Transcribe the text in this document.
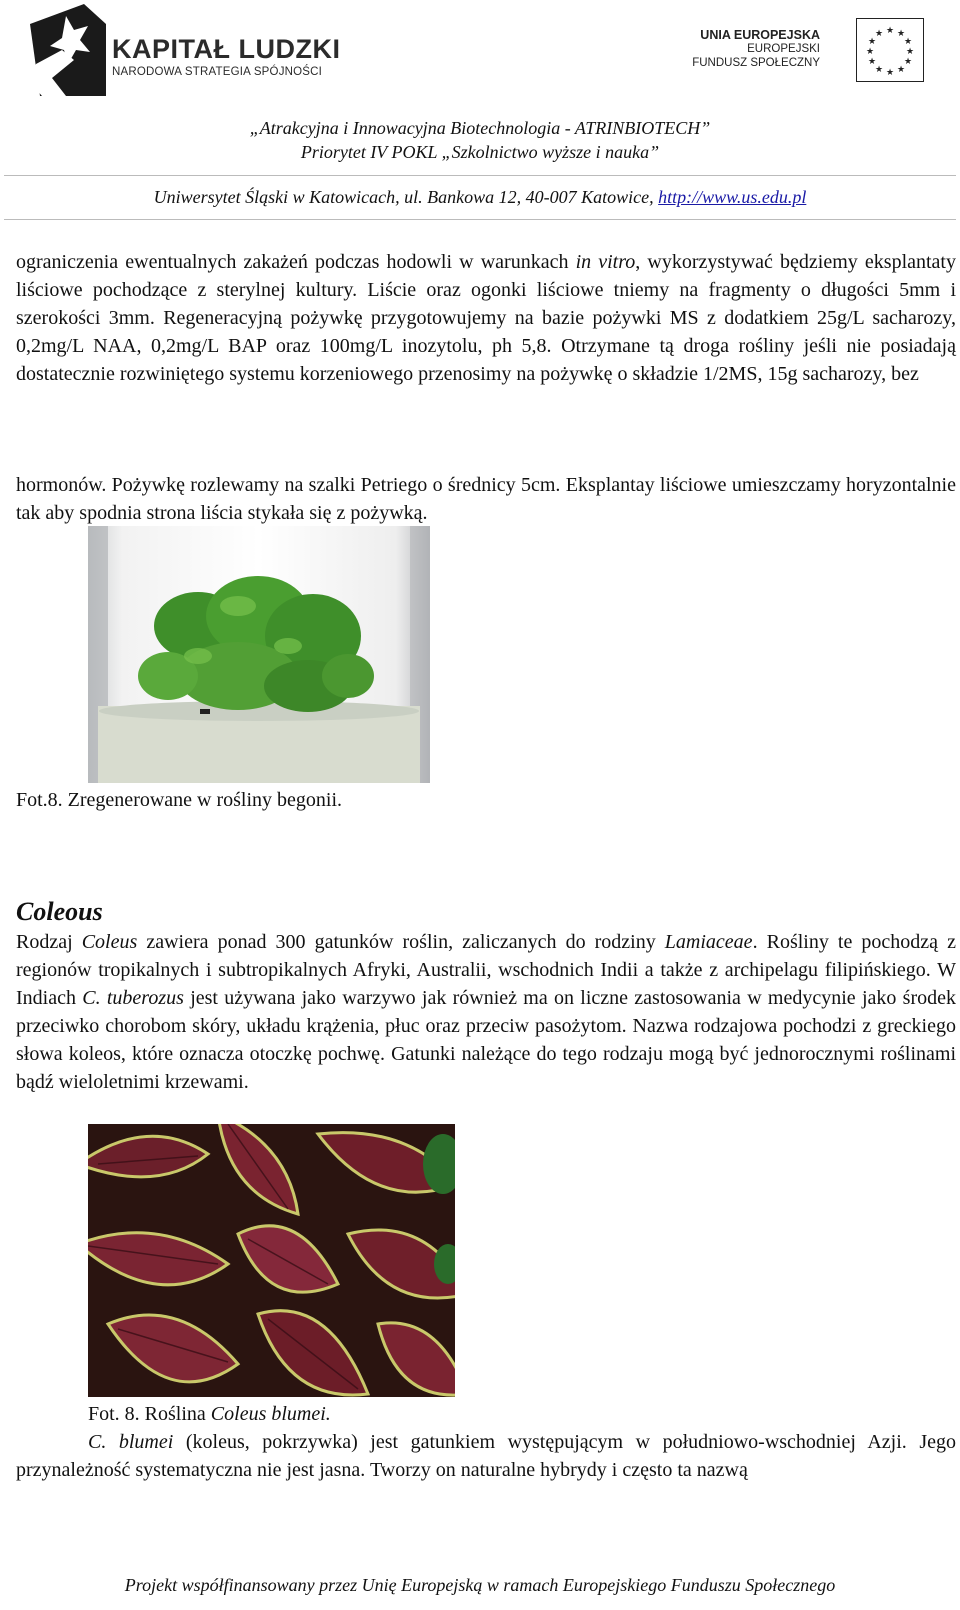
KAPITAŁ LUDZKI
NARODOWA STRATEGIA SPÓJNOŚCI
UNIA EUROPEJSKA
EUROPEJSKI
FUNDUSZ SPOŁECZNY
★ ★
★
★
★
★
★
★
★
★
★
★
„Atrakcyjna i Innowacyjna Biotechnologia - ATRINBIOTECH”
Priorytet IV POKL „Szkolnictwo wyższe i nauka”
Uniwersytet Śląski w Katowicach, ul. Bankowa 12, 40-007 Katowice, http://www.us.edu.pl
ograniczenia ewentualnych zakażeń podczas hodowli w warunkach in vitro, wykorzystywać będziemy eksplantaty liściowe pochodzące z sterylnej kultury. Liście oraz ogonki liściowe tniemy na fragmenty o długości 5mm i szerokości 3mm. Regeneracyjną pożywkę przygotowujemy na bazie pożywki MS z dodatkiem 25g/L sacharozy, 0,2mg/L NAA, 0,2mg/L BAP oraz 100mg/L inozytolu, ph 5,8. Otrzymane tą droga rośliny jeśli nie posiadają dostatecznie rozwiniętego systemu korzeniowego przenosimy na pożywkę o składzie 1/2MS, 15g sacharozy, bez
hormonów. Pożywkę rozlewamy na szalki Petriego o średnicy 5cm. Eksplantay liściowe umieszczamy horyzontalnie tak aby spodnia strona liścia stykała się z pożywką.
Fot.8. Zregenerowane w rośliny begonii.
Coleous
Rodzaj Coleus zawiera ponad 300 gatunków roślin, zaliczanych do rodziny Lamiaceae. Rośliny te pochodzą z regionów tropikalnych i subtropikalnych Afryki, Australii, wschodnich Indii a także z archipelagu filipińskiego. W Indiach C. tuberozus jest używana jako warzywo jak również ma on liczne zastosowania w medycynie jako środek przeciwko chorobom skóry, układu krążenia, płuc oraz przeciw pasożytom. Nazwa rodzajowa pochodzi z greckiego słowa koleos, które oznacza otoczkę pochwę. Gatunki należące do tego rodzaju mogą być jednorocznymi roślinami bądź wieloletnimi krzewami.
Fot. 8. Roślina Coleus blumei.
C. blumei (koleus, pokrzywka) jest gatunkiem występującym w południowo-wschodniej Azji. Jego przynależność systematyczna nie jest jasna. Tworzy on naturalne hybrydy i często ta nazwą
Projekt współfinansowany przez Unię Europejską w ramach Europejskiego Funduszu Społecznego
